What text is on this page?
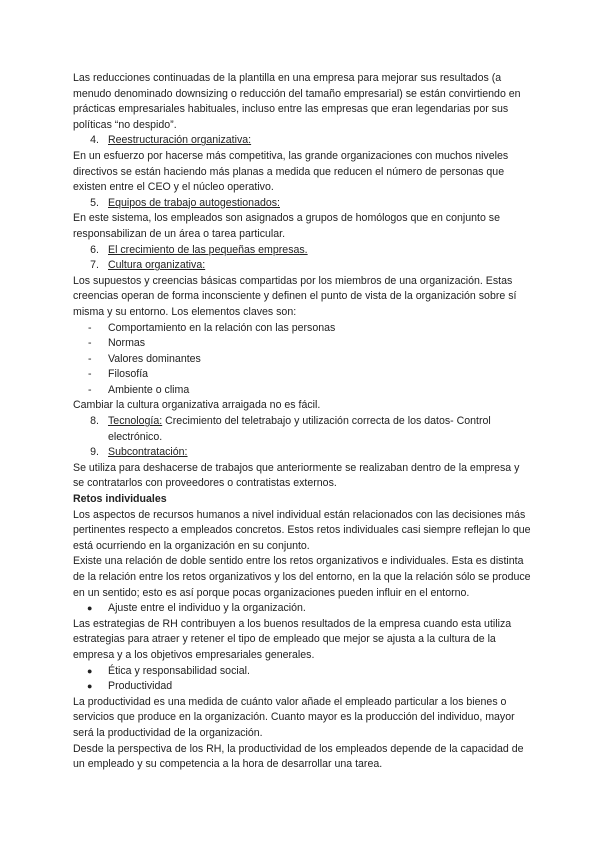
Las reducciones continuadas de la plantilla en una empresa para mejorar sus resultados (a menudo denominado downsizing o reducción del tamaño empresarial) se están convirtiendo en prácticas empresariales habituales, incluso entre las empresas que eran legendarias por sus políticas “no despido”.

4. Reestructuración organizativa:

En un esfuerzo por hacerse más competitiva, las grande organizaciones con muchos niveles directivos se están haciendo más planas a medida que reducen el número de personas que existen entre el CEO y el núcleo operativo.

5. Equipos de trabajo autogestionados:

En este sistema, los empleados son asignados a grupos de homólogos que en conjunto se responsabilizan de un área o tarea particular.

6. El crecimiento de las pequeñas empresas.

7. Cultura organizativa:

Los supuestos y creencias básicas compartidas por los miembros de una organización. Estas creencias operan de forma inconsciente y definen el punto de vista de la organización sobre sí misma y su entorno. Los elementos claves son:

- Comportamiento en la relación con las personas

- Normas

- Valores dominantes

- Filosofía

- Ambiente o clima

Cambiar la cultura organizativa arraigada no es fácil.

8. Tecnología: Crecimiento del teletrabajo y utilización correcta de los datos- Control electrónico.

9. Subcontratación:

Se utiliza para deshacerse de trabajos que anteriormente se realizaban dentro de la empresa y se contratarlos con proveedores o contratistas externos.

Retos individuales

Los aspectos de recursos humanos a nivel individual están relacionados con las decisiones más pertinentes respecto a empleados concretos. Estos retos individuales casi siempre reflejan lo que está ocurriendo en la organización en su conjunto.

Existe una relación de doble sentido entre los retos organizativos e individuales. Esta es distinta de la relación entre los retos organizativos y los del entorno, en la que la relación sólo se produce en un sentido; esto es así porque pocas organizaciones pueden influir en el entorno.

● Ajuste entre el individuo y la organización.

Las estrategias de RH contribuyen a los buenos resultados de la empresa cuando esta utiliza estrategias para atraer y retener el tipo de empleado que mejor se ajusta a la cultura de la empresa y a los objetivos empresariales generales.

● Ética y responsabilidad social.

● Productividad

La productividad es una medida de cuánto valor añade el empleado particular a los bienes o servicios que produce en la organización. Cuanto mayor es la producción del individuo, mayor será la productividad de la organización.

Desde la perspectiva de los RH, la productividad de los empleados depende de la capacidad de un empleado y su competencia a la hora de desarrollar una tarea.
